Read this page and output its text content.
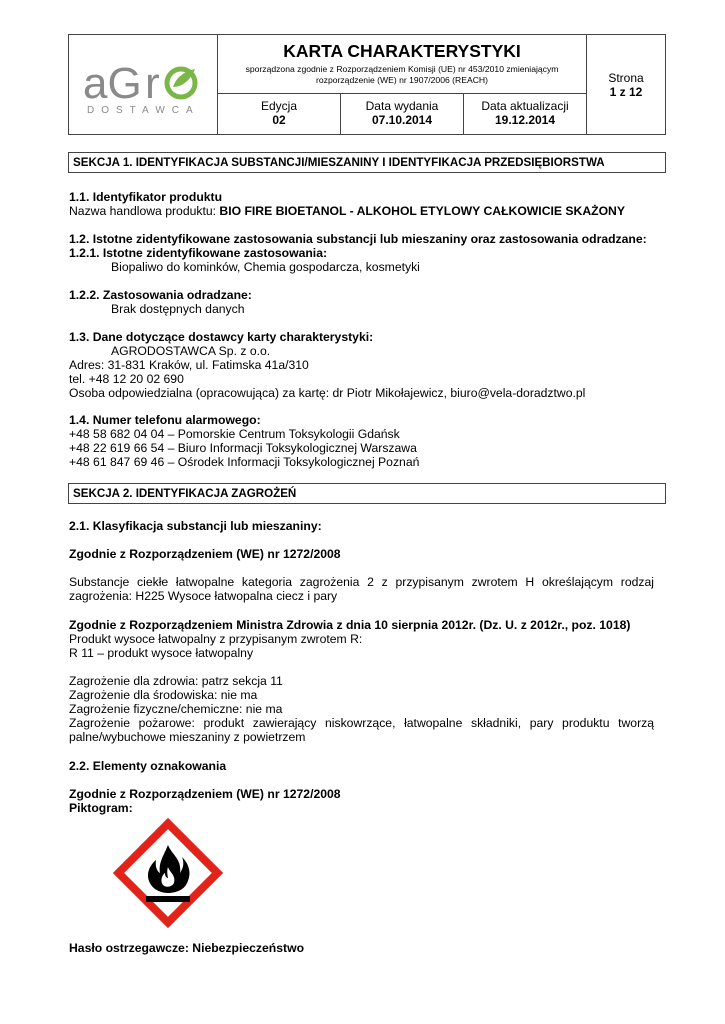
aG r
DOSTAWCA
KARTA CHARAKTERYSTYKI
sporządzona zgodnie z Rozporządzeniem Komisji (UE) nr 453/2010 zmieniającym
rozporządzenie (WE) nr 1907/2006 (REACH)
Edycja
02
Data wydania
07.10.2014
Data aktualizacji
19.12.2014
Strona
1 z 12
SEKCJA 1. IDENTYFIKACJA SUBSTANCJI/MIESZANINY I IDENTYFIKACJA PRZEDSIĘBIORSTWA
1.1. Identyfikator produktu
Nazwa handlowa produktu: BIO FIRE BIOETANOL - ALKOHOL ETYLOWY CAŁKOWICIE SKAŻONY
1.2. Istotne zidentyfikowane zastosowania substancji lub mieszaniny oraz zastosowania odradzane:
1.2.1. Istotne zidentyfikowane zastosowania:
Biopaliwo do kominków, Chemia gospodarcza, kosmetyki
1.2.2. Zastosowania odradzane:
Brak dostępnych danych
1.3. Dane dotyczące dostawcy karty charakterystyki:
AGRODOSTAWCA Sp. z o.o.
Adres: 31-831 Kraków, ul. Fatimska 41a/310
tel. +48 12 20 02 690
Osoba odpowiedzialna (opracowująca) za kartę: dr Piotr Mikołajewicz, biuro@vela-doradztwo.pl
1.4. Numer telefonu alarmowego:
+48 58 682 04 04 – Pomorskie Centrum Toksykologii Gdańsk
+48 22 619 66 54 – Biuro Informacji Toksykologicznej Warszawa
+48 61 847 69 46 – Ośrodek Informacji Toksykologicznej Poznań
SEKCJA 2. IDENTYFIKACJA ZAGROŻEŃ
2.1. Klasyfikacja substancji lub mieszaniny:
Zgodnie z Rozporządzeniem (WE) nr 1272/2008
Substancje ciekłe łatwopalne kategoria zagrożenia 2 z przypisanym zwrotem H określającym rodzaj zagrożenia: H225 Wysoce łatwopalna ciecz i pary
Zgodnie z Rozporządzeniem Ministra Zdrowia z dnia 10 sierpnia 2012r. (Dz. U. z 2012r., poz. 1018)
Produkt wysoce łatwopalny z przypisanym zwrotem R:
R 11 – produkt wysoce łatwopalny
Zagrożenie dla zdrowia: patrz sekcja 11
Zagrożenie dla środowiska: nie ma
Zagrożenie fizyczne/chemiczne: nie ma
Zagrożenie pożarowe: produkt zawierający niskowrzące, łatwopalne składniki, pary produktu tworzą palne/wybuchowe mieszaniny z powietrzem
2.2. Elementy oznakowania
Zgodnie z Rozporządzeniem (WE) nr 1272/2008
Piktogram:
Hasło ostrzegawcze: Niebezpieczeństwo
